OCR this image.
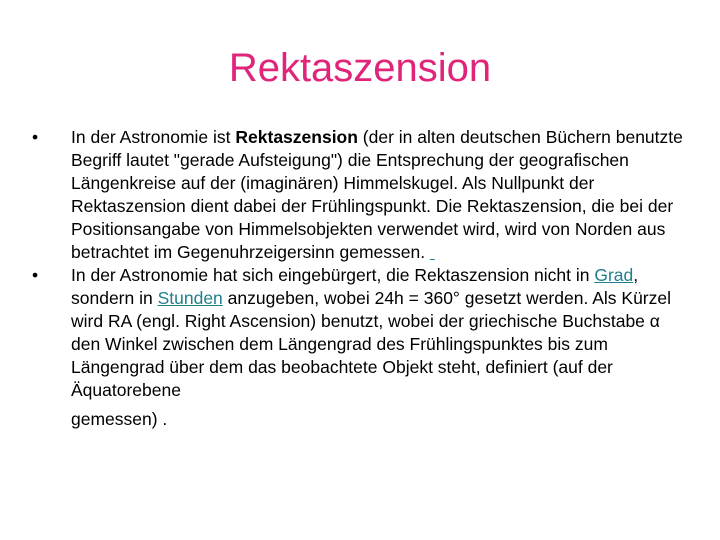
Rektaszension
• In der Astronomie ist Rektaszension (der in alten deutschen Büchern benutzte Begriff lautet "gerade Aufsteigung") die Entsprechung der geografischen Längenkreise auf der (imaginären) Himmelskugel. Als Nullpunkt der Rektaszension dient dabei der Frühlingspunkt. Die Rektaszension, die bei der Positionsangabe von Himmelsobjekten verwendet wird, wird von Norden aus betrachtet im Gegenuhrzeigersinn gemessen.
• In der Astronomie hat sich eingebürgert, die Rektaszension nicht in Grad, sondern in Stunden anzugeben, wobei 24h = 360° gesetzt werden. Als Kürzel wird RA (engl. Right Ascension) benutzt, wobei der griechische Buchstabe α den Winkel zwischen dem Längengrad des Frühlingspunktes bis zum Längengrad über dem das beobachtete Objekt steht, definiert (auf der Äquatorebene
gemessen) .
